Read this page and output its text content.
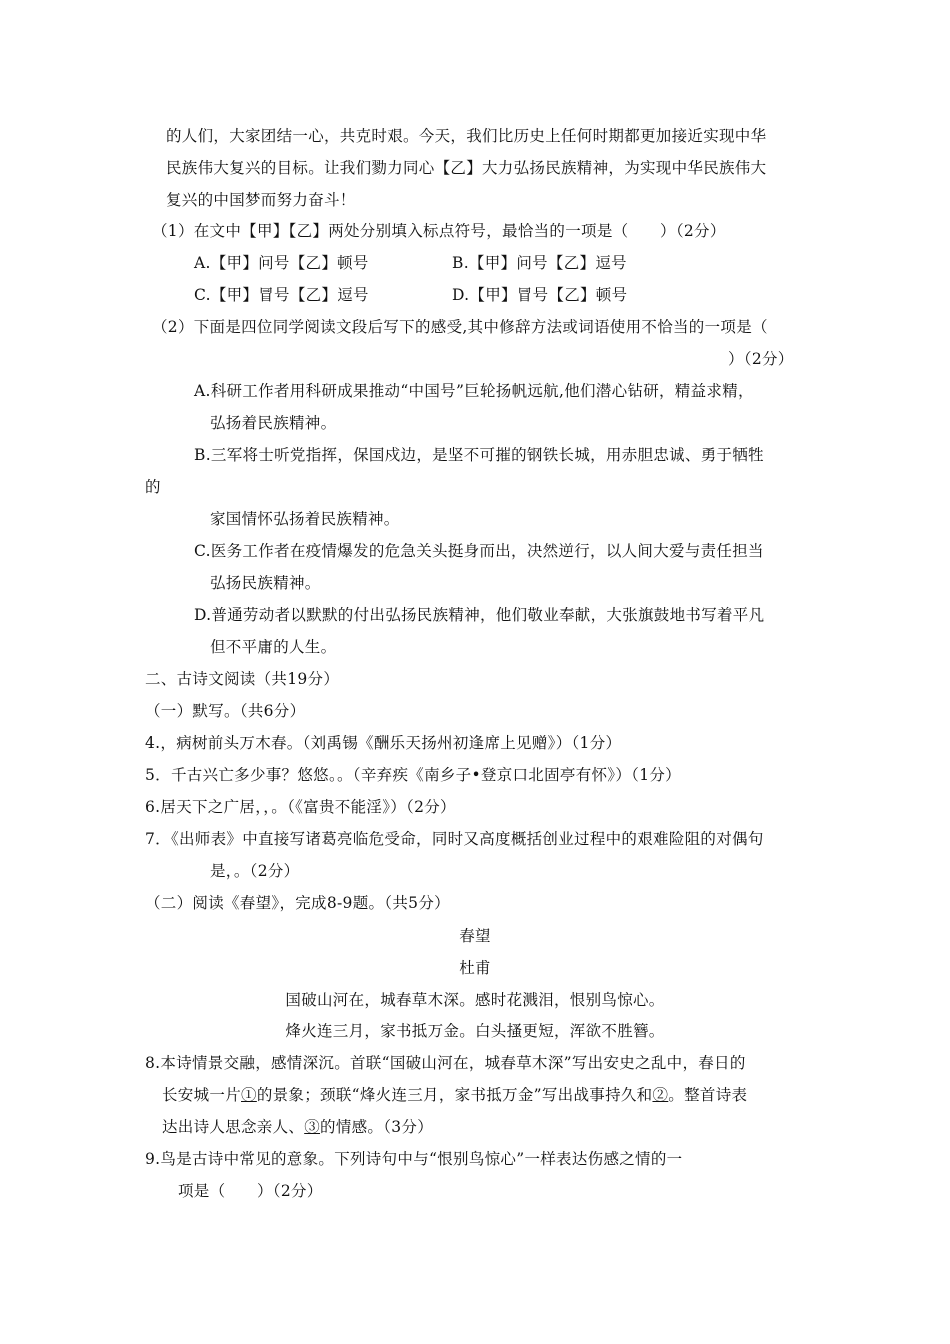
的人们，大家团结一心，共克时艰。今天，我们比历史上任何时期都更加接近实现中华
民族伟大复兴的目标。让我们勠力同心【乙】大力弘扬民族精神，为实现中华民族伟大
复兴的中国梦而努力奋斗！
（1）在文中【甲】【乙】两处分别填入标点符号，最恰当的一项是（　　）（2分）
A.【甲】问号【乙】顿号	B.【甲】问号【乙】逗号
C.【甲】冒号【乙】逗号	D.【甲】冒号【乙】顿号
（2）下面是四位同学阅读文段后写下的感受,其中修辞方法或词语使用不恰当的一项是（
）（2分）
A.科研工作者用科研成果推动“中国号”巨轮扬帆远航,他们潜心钻研，精益求精，
弘扬着民族精神。
B.三军将士听党指挥，保国戍边，是坚不可摧的钢铁长城，用赤胆忠诚、勇于牺牲
的
家国情怀弘扬着民族精神。
C.医务工作者在疫情爆发的危急关头挺身而出，决然逆行，以人间大爱与责任担当
弘扬民族精神。
D.普通劳动者以默默的付出弘扬民族精神，他们敬业奉献，大张旗鼓地书写着平凡
但不平庸的人生。
二、古诗文阅读（共19分）
（一）默写。（共6分）
4.，病树前头万木春。（刘禹锡《酬乐天扬州初逢席上见赠》）（1分）
5．千古兴亡多少事？悠悠。。（辛弃疾《南乡子•登京口北固亭有怀》）（1分）
6.居天下之广居，，。（《富贵不能淫》）（2分）
7．《出师表》中直接写诸葛亮临危受命，同时又高度概括创业过程中的艰难险阻的对偶句
是，。（2分）
（二）阅读《春望》，完成8-9题。（共5分）
春望
杜甫
国破山河在，城春草木深。感时花溅泪，恨别鸟惊心。
烽火连三月，家书抵万金。白头搔更短，浑欲不胜簪。
8.本诗情景交融，感情深沉。首联“国破山河在，城春草木深”写出安史之乱中，春日的
长安城一片①的景象；颈联“烽火连三月，家书抵万金”写出战事持久和②。整首诗表
达出诗人思念亲人、③的情感。（3分）
9.鸟是古诗中常见的意象。下列诗句中与“恨别鸟惊心”一样表达伤感之情的一
项是（　　）（2分）
